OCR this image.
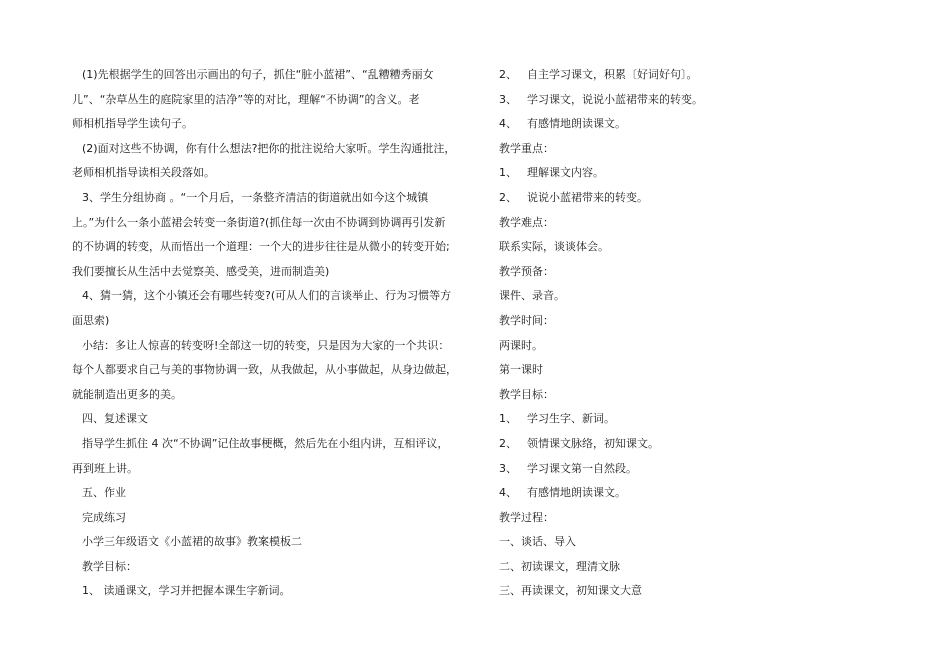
(1)先根据学生的回答出示画出的句子，抓住“脏小蓝裙”、“乱糟糟秀丽女
儿”、“杂草丛生的庭院家里的洁净”等的对比，理解“不协调”的含义。老
师相机指导学生读句子。
(2)面对这些不协调，你有什么想法?把你的批注说给大家听。学生沟通批注，
老师相机指导读相关段落如。
3、学生分组协商 。“一个月后，一条整齐清洁的街道就出如今这个城镇
上。”为什么一条小蓝裙会转变一条街道?(抓住每一次由不协调到协调再引发新
的不协调的转变，从而悟出一个道理：一个大的进步往往是从微小的转变开始;
我们要擅长从生活中去觉察美、感受美，进而制造美)
4、猜一猜，这个小镇还会有哪些转变?(可从人们的言谈举止、行为习惯等方
面思索)
小结：多让人惊喜的转变呀!全部这一切的转变，只是因为大家的一个共识：
每个人都要求自己与美的事物协调一致，从我做起，从小事做起，从身边做起，
就能制造出更多的美。
四、复述课文
指导学生抓住 4 次“不协调”记住故事梗概，然后先在小组内讲，互相评议，
再到班上讲。
五、作业
完成练习
小学三年级语文《小蓝裙的故事》教案模板二
教学目标：
1、 读通课文，学习并把握本课生字新词。
2、 自主学习课文，积累〔好词好句〕。
3、 学习课文，说说小蓝裙带来的转变。
4、 有感情地朗读课文。
教学重点：
1、 理解课文内容。
2、 说说小蓝裙带来的转变。
教学难点：
联系实际，谈谈体会。
教学预备：
课件、录音。
教学时间：
两课时。
第一课时
教学目标：
1、 学习生字、新词。
2、 领情课文脉络，初知课文。
3、 学习课文第一自然段。
4、 有感情地朗读课文。
教学过程：
一、谈话、导入
二、初读课文，理清文脉
三、再读课文，初知课文大意
